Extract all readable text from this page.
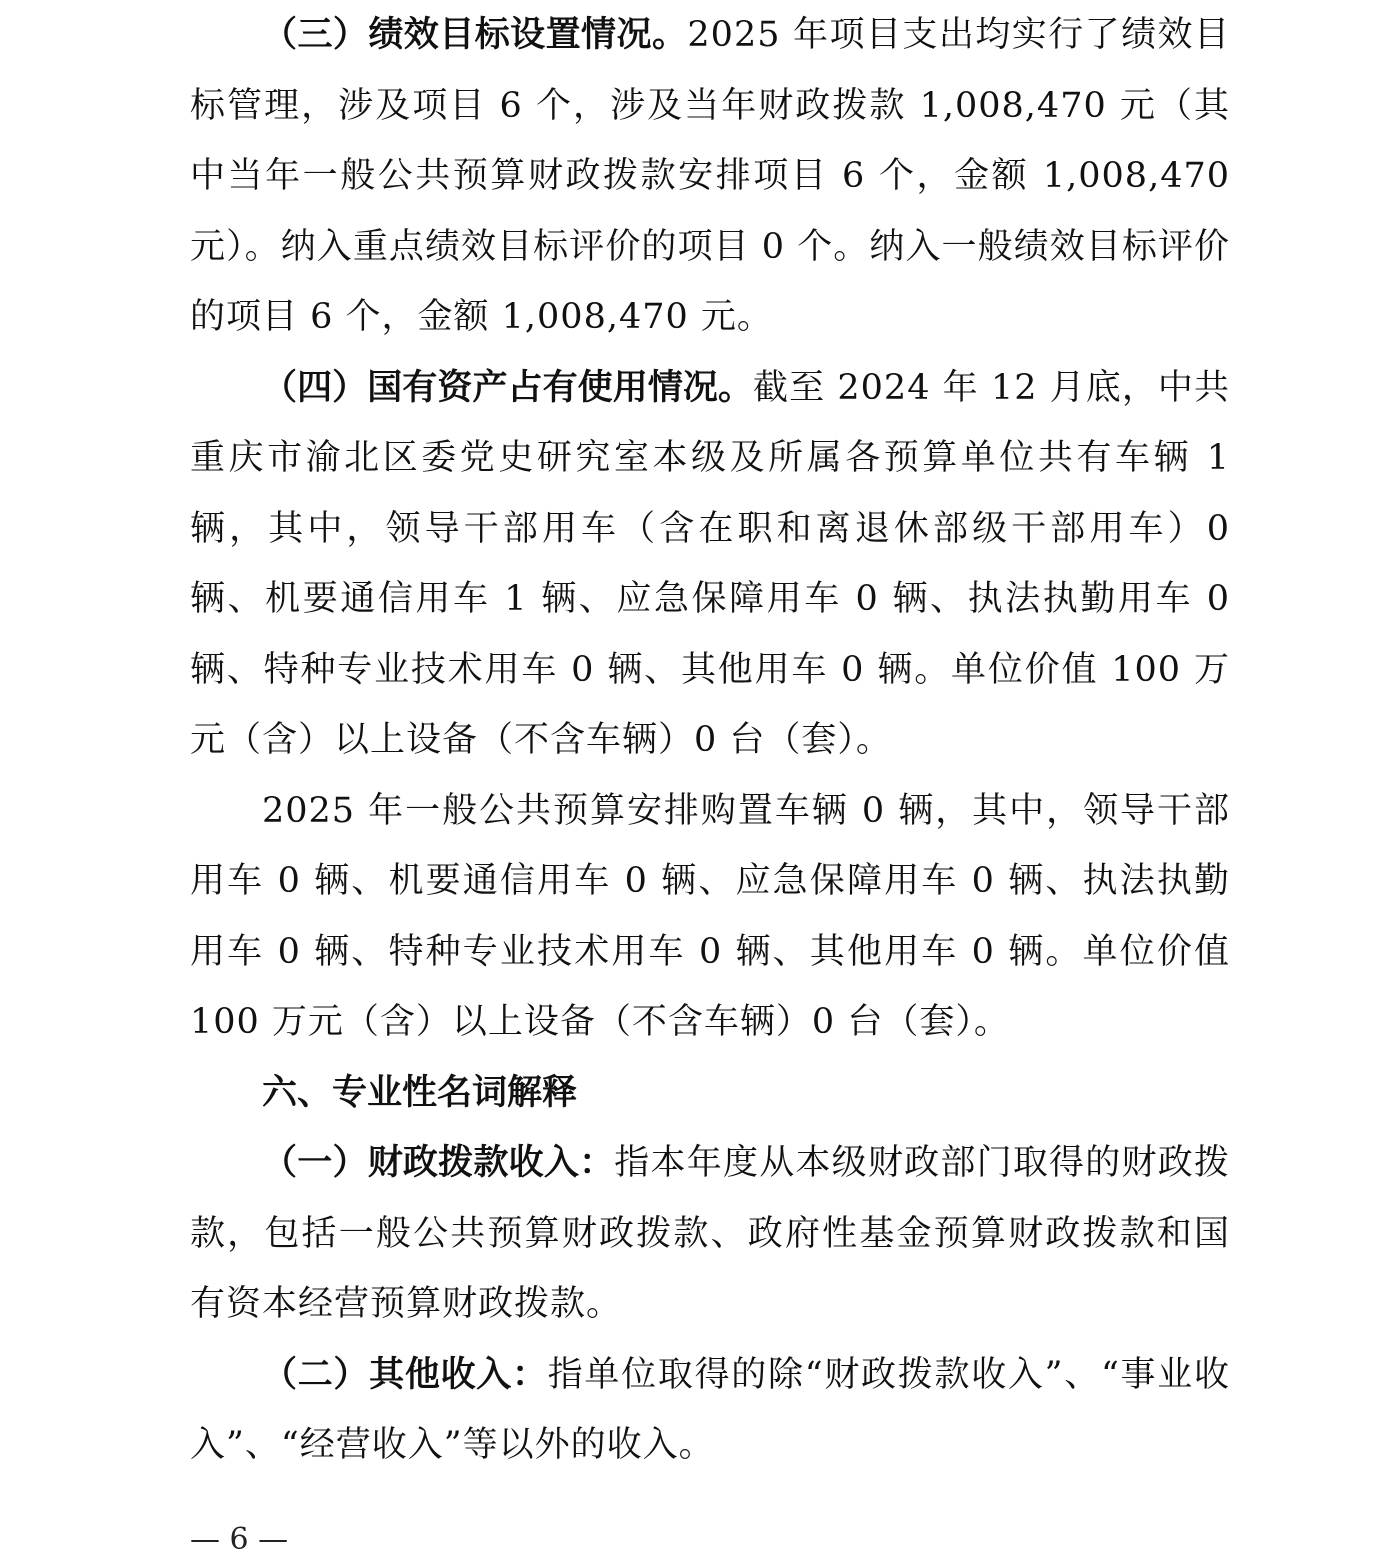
（三）绩效目标设置情况。2025 年项目支出均实行了绩效目标管理，涉及项目 6 个，涉及当年财政拨款 1,008,470 元（其中当年一般公共预算财政拨款安排项目 6 个，金额 1,008,470 元）。纳入重点绩效目标评价的项目 0 个。纳入一般绩效目标评价的项目 6 个，金额 1,008,470 元。

（四）国有资产占有使用情况。截至 2024 年 12 月底，中共重庆市渝北区委党史研究室本级及所属各预算单位共有车辆 1 辆，其中，领导干部用车（含在职和离退休部级干部用车）0 辆、机要通信用车 1 辆、应急保障用车 0 辆、执法执勤用车 0 辆、特种专业技术用车 0 辆、其他用车 0 辆。单位价值 100 万元（含）以上设备（不含车辆）0 台（套）。

2025 年一般公共预算安排购置车辆 0 辆，其中，领导干部用车 0 辆、机要通信用车 0 辆、应急保障用车 0 辆、执法执勤用车 0 辆、特种专业技术用车 0 辆、其他用车 0 辆。单位价值 100 万元（含）以上设备（不含车辆）0 台（套）。

六、专业性名词解释

（一）财政拨款收入：指本年度从本级财政部门取得的财政拨款，包括一般公共预算财政拨款、政府性基金预算财政拨款和国有资本经营预算财政拨款。

（二）其他收入：指单位取得的除“财政拨款收入”、“事业收入”、“经营收入”等以外的收入。

— 6 —
